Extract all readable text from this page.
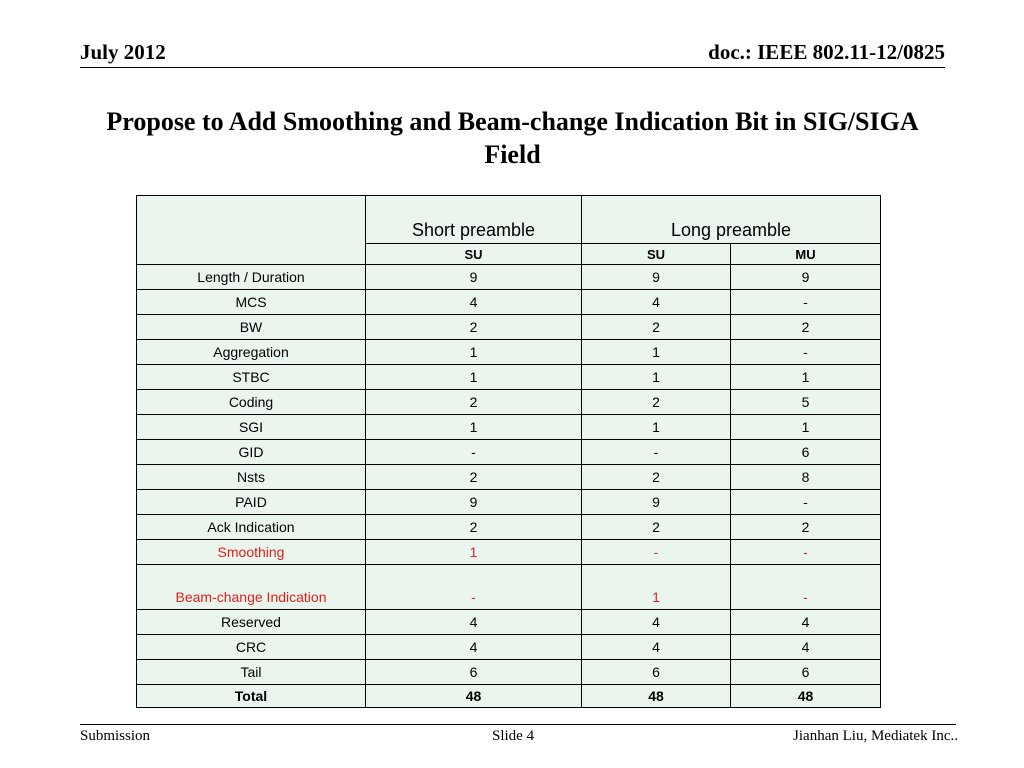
July 2012	doc.: IEEE 802.11-12/0825
Propose to Add Smoothing and Beam-change Indication Bit in SIG/SIGA Field
	Short preamble	Long preamble	
	SU	SU	MU
Length / Duration	9	9	9
MCS	4	4	-
BW	2	2	2
Aggregation	1	1	-
STBC	1	1	1
Coding	2	2	5
SGI	1	1	1
GID	-	-	6
Nsts	2	2	8
PAID	9	9	-
Ack Indication	2	2	2
Smoothing	1	-	-
Beam-change Indication	-	1	-
Reserved	4	4	4
CRC	4	4	4
Tail	6	6	6
Total	48	48	48
Submission	Slide 4	Jianhan Liu, Mediatek Inc..
